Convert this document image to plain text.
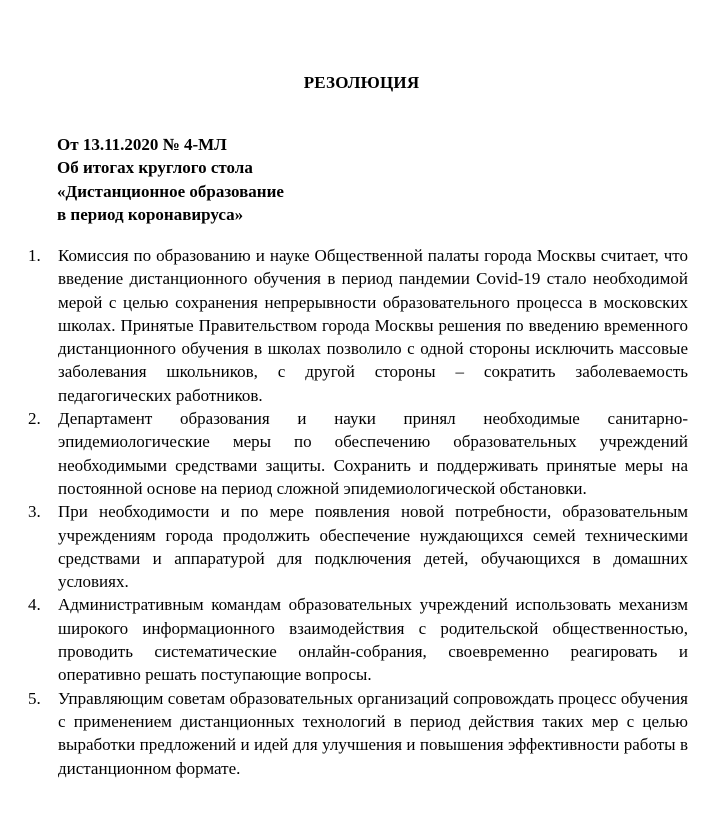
РЕЗОЛЮЦИЯ
От 13.11.2020 № 4-МЛ
Об итогах круглого стола
«Дистанционное образование
в период коронавируса»
1.	Комиссия по образованию и науке Общественной палаты города Москвы считает, что введение дистанционного обучения в период пандемии Covid-19 стало необходимой мерой с целью сохранения непрерывности образовательного процесса в московских школах. Принятые Правительством города Москвы решения по введению временного дистанционного обучения в школах позволило с одной стороны исключить массовые заболевания школьников, с другой стороны – сократить заболеваемость педагогических работников.
2.	Департамент образования и науки принял необходимые санитарно-эпидемиологические меры по обеспечению образовательных учреждений необходимыми средствами защиты. Сохранить и поддерживать принятые меры на постоянной основе на период сложной эпидемиологической обстановки.
3.	При необходимости и по мере появления новой потребности, образовательным учреждениям города продолжить обеспечение нуждающихся семей техническими средствами и аппаратурой для подключения детей, обучающихся в домашних условиях.
4.	Административным командам образовательных учреждений использовать механизм широкого информационного взаимодействия с родительской общественностью, проводить систематические онлайн-собрания, своевременно реагировать и оперативно решать поступающие вопросы.
5.	Управляющим советам образовательных организаций сопровождать процесс обучения с применением дистанционных технологий в период действия таких мер с целью выработки предложений и идей для улучшения и повышения эффективности работы в дистанционном формате.
